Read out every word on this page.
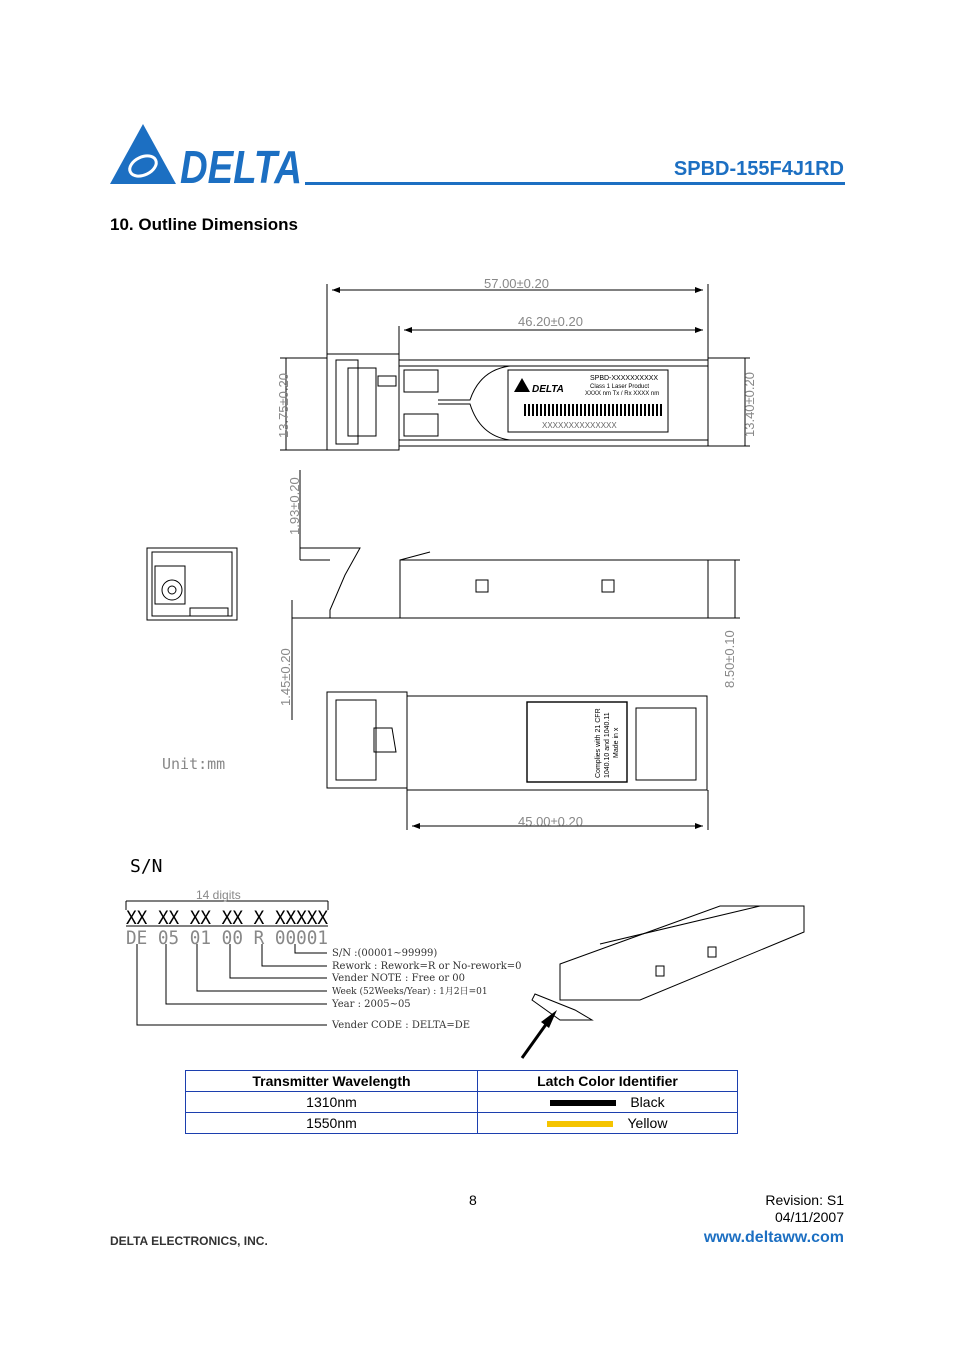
DELTA	SPBD-155F4J1RD
10. Outline Dimensions
57.00±0.20
46.20±0.20
13.75±0.20	13.40±0.20
1.93±0.20
1.45±0.20	8.50±0.10
45.00±0.20
SPBD-XXXXXXXXXX
Class 1 Laser Product
XXXX nm Tx / Rx XXXX nm
XXXXXXXXXXXXXX
DELTA
Complies with 21 CFR 1040.10 and 1040.11 Made in x
14 digits
XX XX XX XX X XXXXX
DE 05 01 00 R 00001
S/N :(00001~99999)
Rework : Rework=R or No-rework=0
Vender NOTE : Free or 00
Week (52Weeks/Year) : 1月2日=01
Year : 2005~05
Vender CODE : DELTA=DE
S/N
Unit:mm
Transmitter Wavelength	Latch Color Identifier
1310nm	Black
1550nm	Yellow
8	Revision: S1
04/11/2007
DELTA ELECTRONICS, INC.	www.deltaww.com
